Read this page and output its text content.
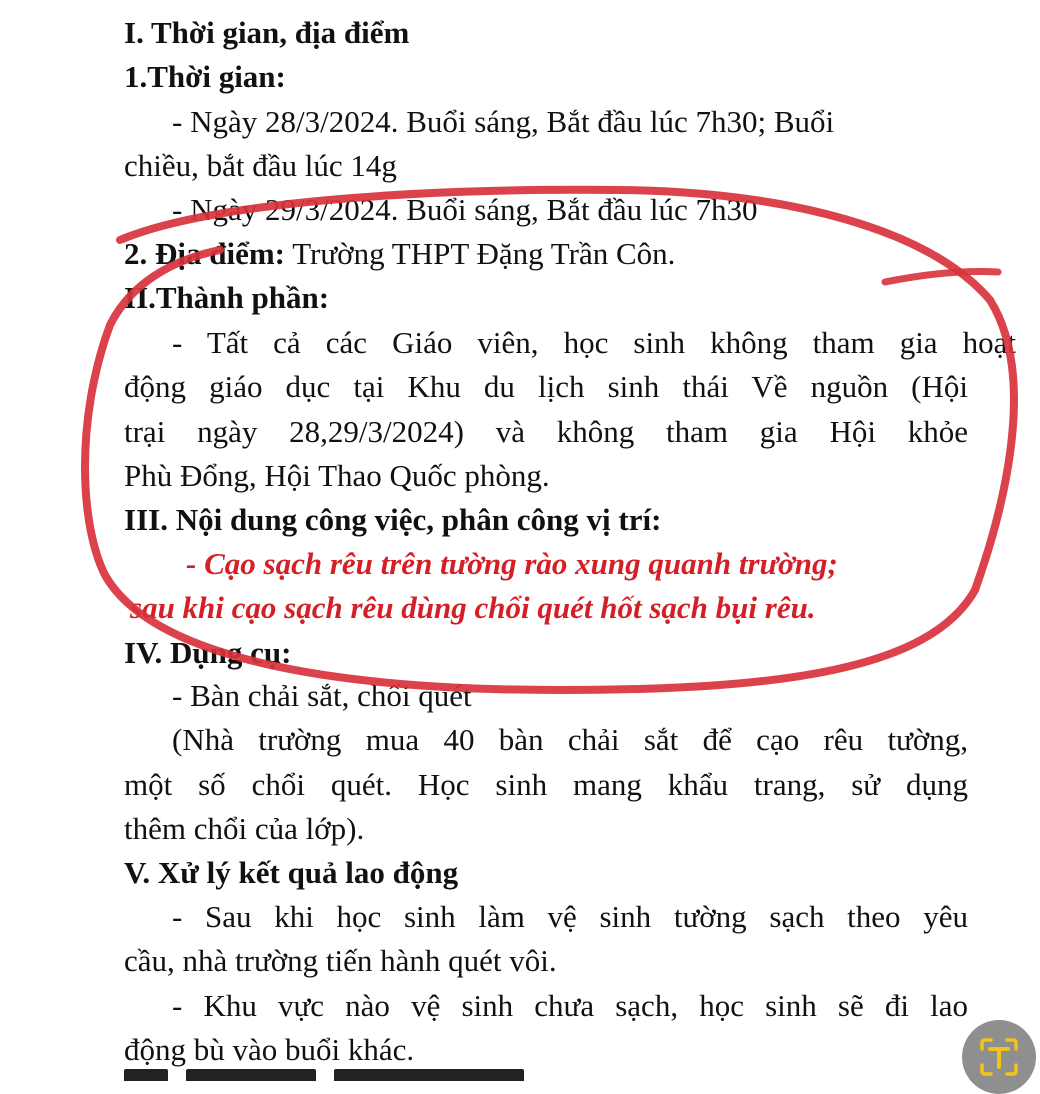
I. Thời gian, địa điểm
1.Thời gian:
- Ngày 28/3/2024. Buổi sáng, Bắt đầu lúc 7h30; Buổi
chiều, bắt đầu lúc 14g
- Ngày 29/3/2024. Buổi sáng, Bắt đầu lúc 7h30
2. Địa điểm: Trường THPT Đặng Trần Côn.
II.Thành phần:
- Tất cả các Giáo viên, học sinh không tham gia hoạt
động giáo dục tại Khu du lịch sinh thái Về nguồn (Hội
trại ngày 28,29/3/2024) và không tham gia Hội khỏe
Phù Đổng, Hội Thao Quốc phòng.
III. Nội dung công việc, phân công vị trí:
- Cạo sạch rêu trên tường rào xung quanh trường;
sau khi cạo sạch rêu dùng chổi quét hốt sạch bụi rêu.
IV. Dụng cụ:
- Bàn chải sắt, chổi quét
(Nhà trường mua 40 bàn chải sắt để cạo rêu tường,
một số chổi quét. Học sinh mang khẩu trang, sử dụng
thêm chổi của lớp).
V. Xử lý kết quả lao động
- Sau khi học sinh làm vệ sinh tường sạch theo yêu
cầu, nhà trường tiến hành quét vôi.
- Khu vực nào vệ sinh chưa sạch, học sinh sẽ đi lao
động bù vào buổi khác.
